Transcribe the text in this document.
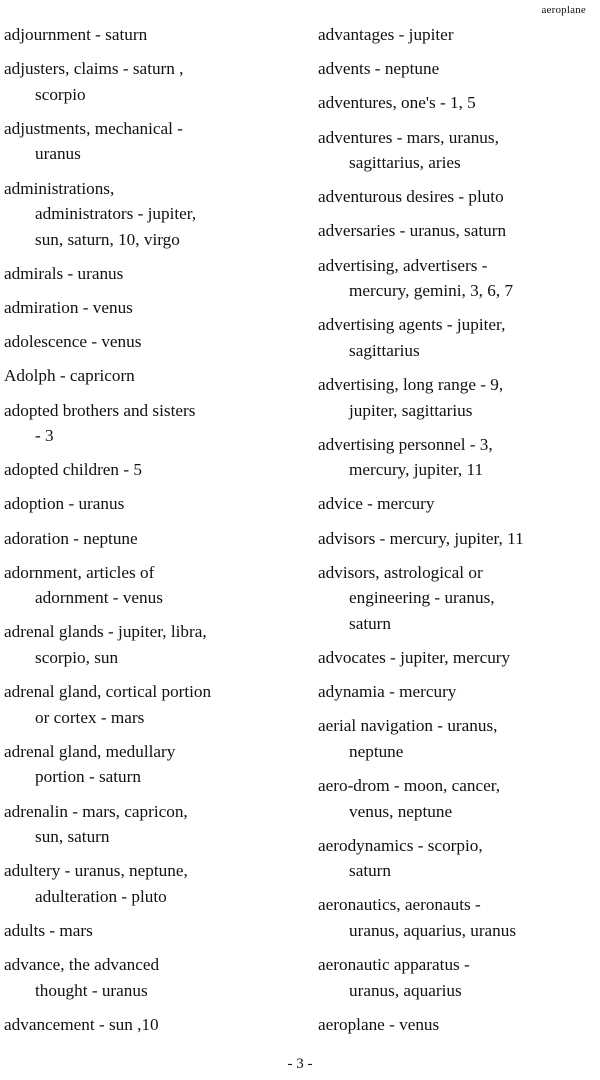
aeroplane
adjournment - saturn
adjusters, claims - saturn ,
scorpio
adjustments, mechanical -
uranus
administrations,
administrators - jupiter,
sun, saturn, 10, virgo
admirals - uranus
admiration - venus
adolescence - venus
Adolph - capricorn
adopted brothers and sisters
- 3
adopted children - 5
adoption - uranus
adoration - neptune
adornment, articles of
adornment - venus
adrenal glands - jupiter, libra,
scorpio, sun
adrenal gland, cortical portion
or cortex - mars
adrenal gland, medullary
portion - saturn
adrenalin - mars, capricon,
sun, saturn
adultery - uranus, neptune,
adulteration - pluto
adults - mars
advance, the advanced
thought - uranus
advancement - sun ,10
advantages - jupiter
advents - neptune
adventures, one's - 1, 5
adventures - mars, uranus,
sagittarius, aries
adventurous desires - pluto
adversaries - uranus, saturn
advertising, advertisers -
mercury, gemini, 3, 6, 7
advertising agents - jupiter,
sagittarius
advertising, long range - 9,
jupiter, sagittarius
advertising personnel - 3,
mercury, jupiter, 11
advice - mercury
advisors - mercury, jupiter, 11
advisors, astrological or
engineering - uranus,
saturn
advocates - jupiter, mercury
adynamia - mercury
aerial navigation - uranus,
neptune
aero-drom - moon, cancer,
venus, neptune
aerodynamics - scorpio,
saturn
aeronautics, aeronauts -
uranus, aquarius, uranus
aeronautic apparatus -
uranus, aquarius
aeroplane - venus
- 3 -
